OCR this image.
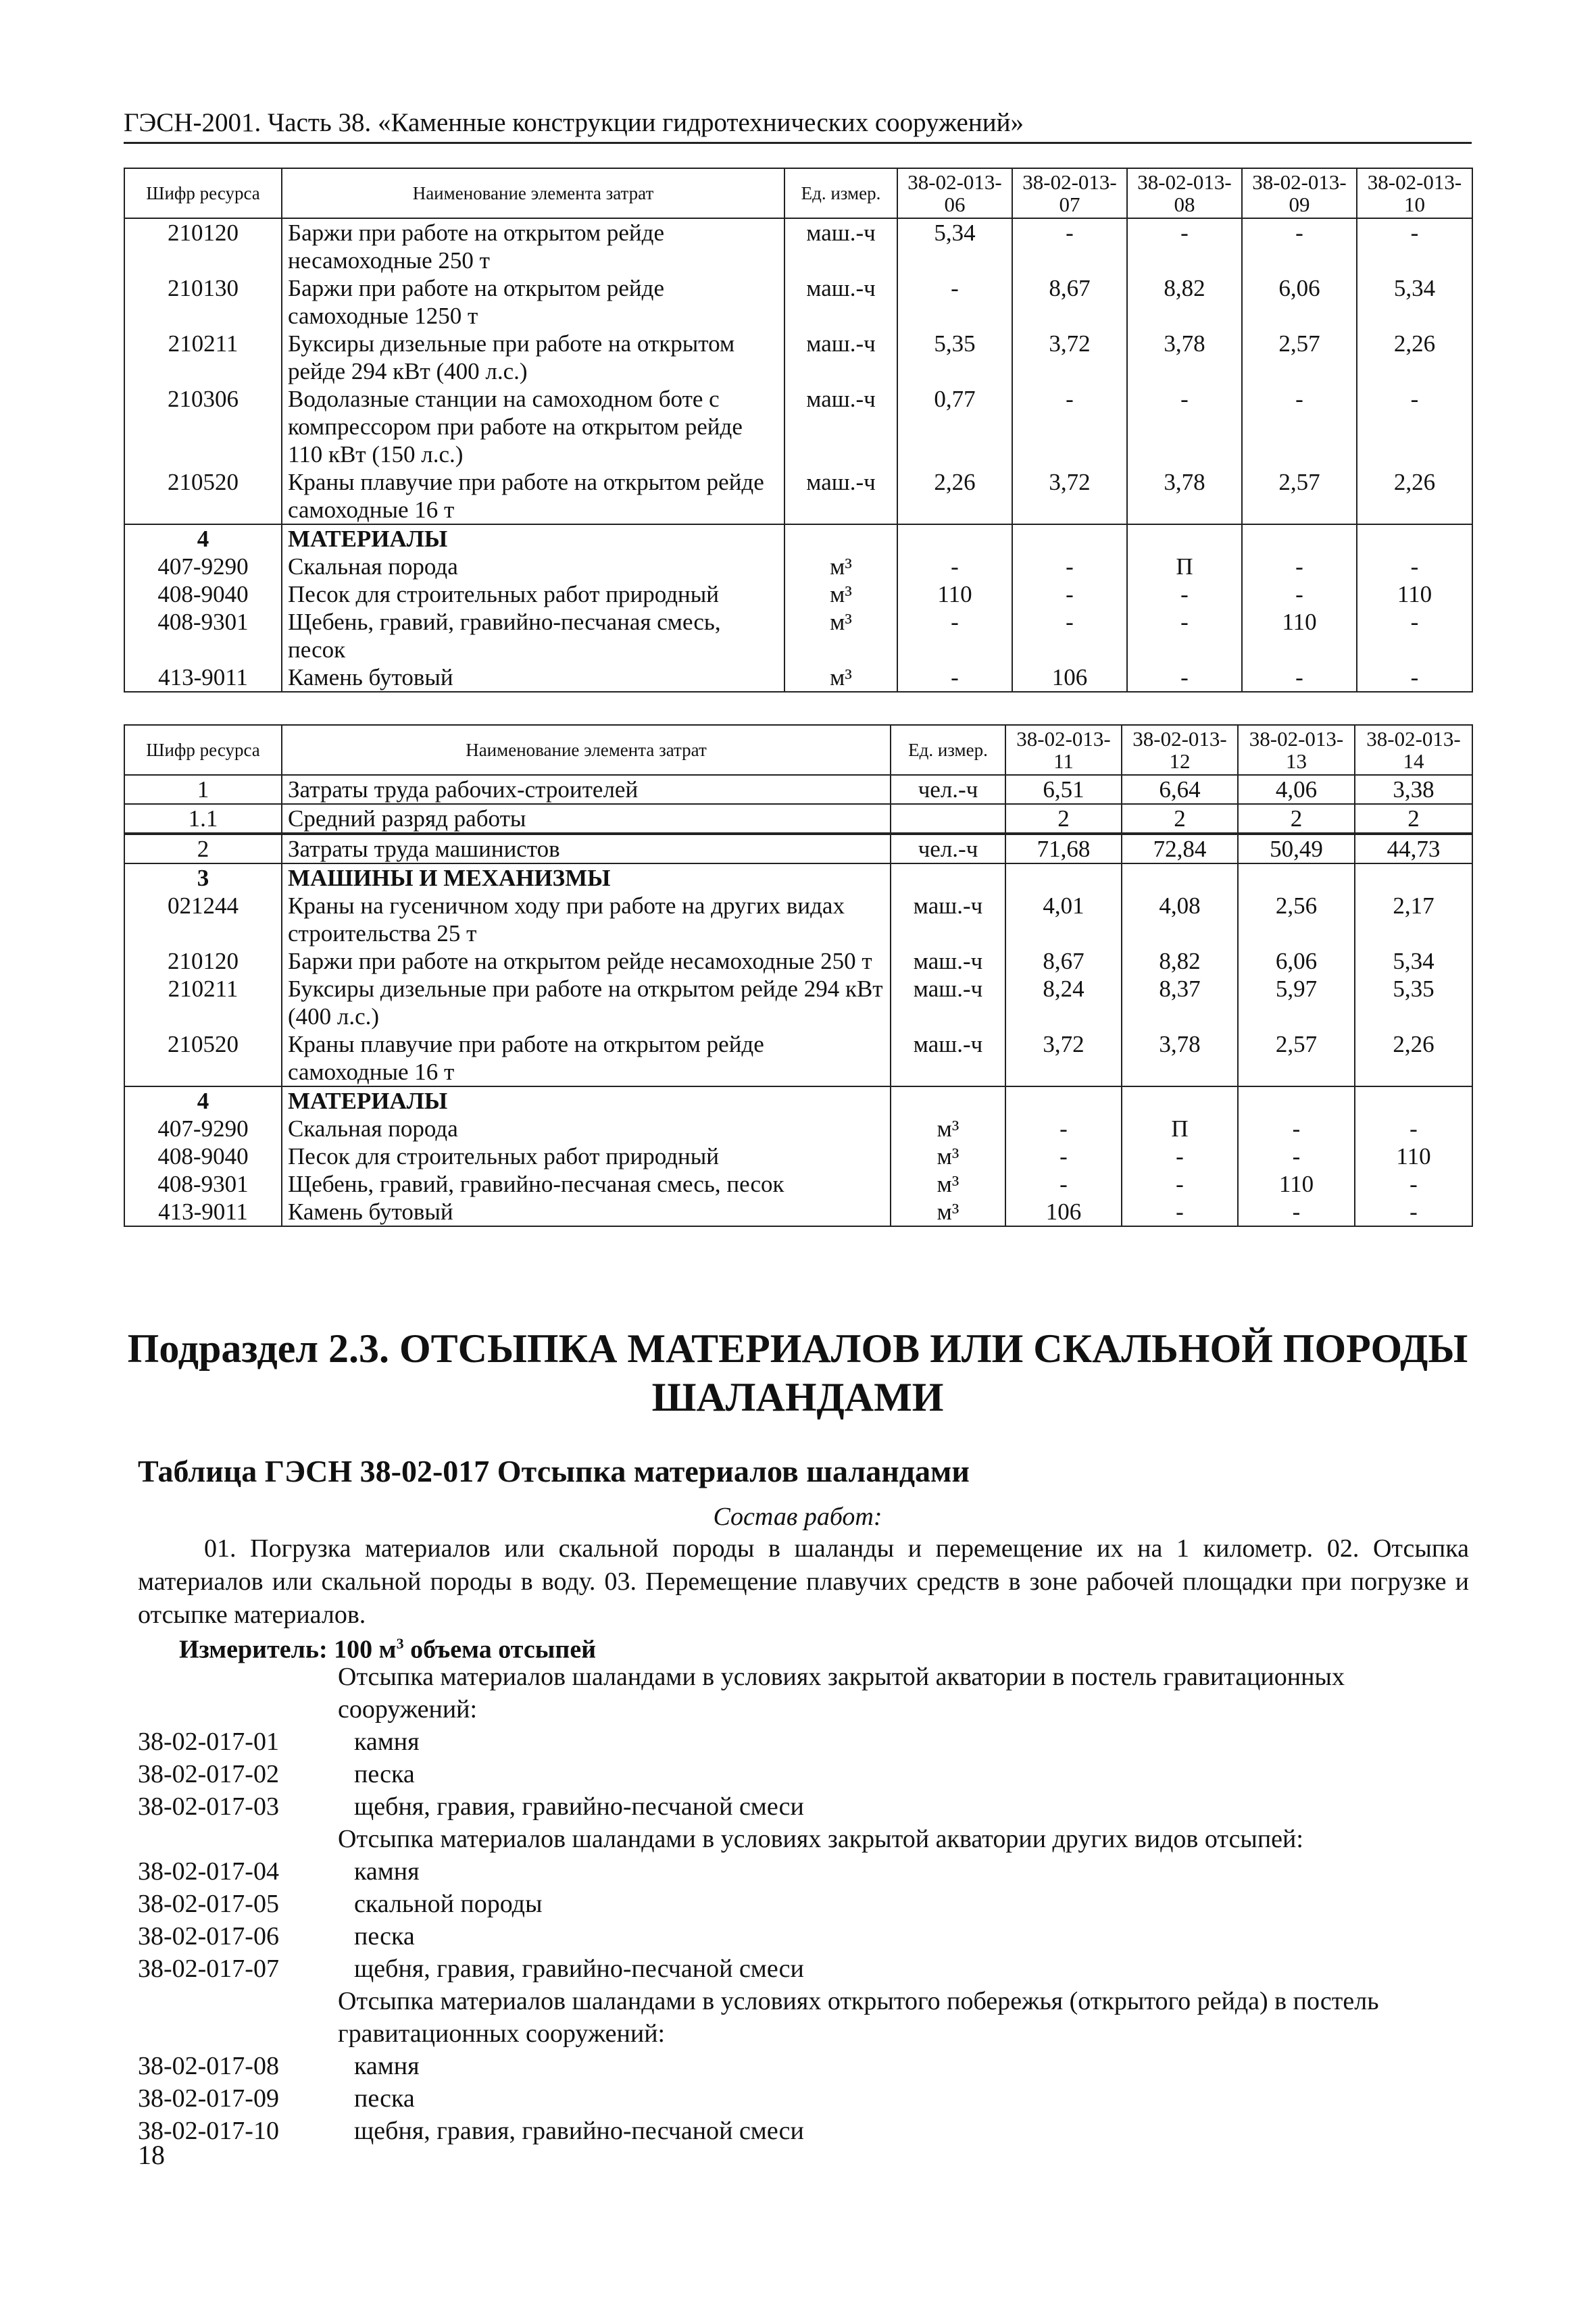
ГЭСН-2001. Часть 38. «Каменные конструкции гидротехнических сооружений»
Шифр ресурса	Наименование элемента затрат	Ед. измер.	38-02-013-06	38-02-013-07	38-02-013-08	38-02-013-09	38-02-013-10
210120	Баржи при работе на открытом рейде несамоходные 250 т	маш.-ч	5,34	-	-	-	-
210130	Баржи при работе на открытом рейде самоходные 1250 т	маш.-ч	-	8,67	8,82	6,06	5,34
210211	Буксиры дизельные при работе на открытом рейде 294 кВт (400 л.с.)	маш.-ч	5,35	3,72	3,78	2,57	2,26
210306	Водолазные станции на самоходном боте с компрессором при работе на открытом рейде 110 кВт (150 л.с.)	маш.-ч	0,77	-	-	-	-
210520	Краны плавучие при работе на открытом рейде самоходные 16 т	маш.-ч	2,26	3,72	3,78	2,57	2,26
4	МАТЕРИАЛЫ						
407-9290	Скальная порода	м³	-	-	П	-	-
408-9040	Песок для строительных работ природный	м³	110	-	-	-	110
408-9301	Щебень, гравий, гравийно-песчаная смесь, песок	м³	-	-	-	110	-
413-9011	Камень бутовый	м³	-	106	-	-	-
Шифр ресурса	Наименование элемента затрат	Ед. измер.	38-02-013-11	38-02-013-12	38-02-013-13	38-02-013-14
1	Затраты труда рабочих-строителей	чел.-ч	6,51	6,64	4,06	3,38
1.1	Средний разряд работы		2	2	2	2
2	Затраты труда машинистов	чел.-ч	71,68	72,84	50,49	44,73
3	МАШИНЫ И МЕХАНИЗМЫ					
021244	Краны на гусеничном ходу при работе на других видах строительства 25 т	маш.-ч	4,01	4,08	2,56	2,17
210120	Баржи при работе на открытом рейде несамоходные 250 т	маш.-ч	8,67	8,82	6,06	5,34
210211	Буксиры дизельные при работе на открытом рейде 294 кВт (400 л.с.)	маш.-ч	8,24	8,37	5,97	5,35
210520	Краны плавучие при работе на открытом рейде самоходные 16 т	маш.-ч	3,72	3,78	2,57	2,26
4	МАТЕРИАЛЫ					
407-9290	Скальная порода	м³	-	П	-	-
408-9040	Песок для строительных работ природный	м³	-	-	-	110
408-9301	Щебень, гравий, гравийно-песчаная смесь, песок	м³	-	-	110	-
413-9011	Камень бутовый	м³	106	-	-	-
Подраздел 2.3. ОТСЫПКА МАТЕРИАЛОВ ИЛИ СКАЛЬНОЙ ПОРОДЫ ШАЛАНДАМИ
Таблица ГЭСН 38-02-017 Отсыпка материалов шаландами
Состав работ:

01. Погрузка материалов или скальной породы в шаланды и перемещение их на 1 километр. 02. Отсыпка материалов или скальной породы в воду. 03. Перемещение плавучих средств в зоне рабочей площадки при погрузке и отсыпке материалов.

Измеритель: 100 $м^3$ объема отсыпей
Отсыпка материалов шаландами в условиях закрытой акватории в постель гравитационных сооружений:
38-02-017-01	камня
38-02-017-02	песка
38-02-017-03	щебня, гравия, гравийно-песчаной смеси
Отсыпка материалов шаландами в условиях закрытой акватории других видов отсыпей:
38-02-017-04	камня
38-02-017-05	скальной породы
38-02-017-06	песка
38-02-017-07	щебня, гравия, гравийно-песчаной смеси
Отсыпка материалов шаландами в условиях открытого побережья (открытого рейда) в постель гравитационных сооружений:
38-02-017-08	камня
38-02-017-09	песка
38-02-017-10	щебня, гравия, гравийно-песчаной смеси
18
